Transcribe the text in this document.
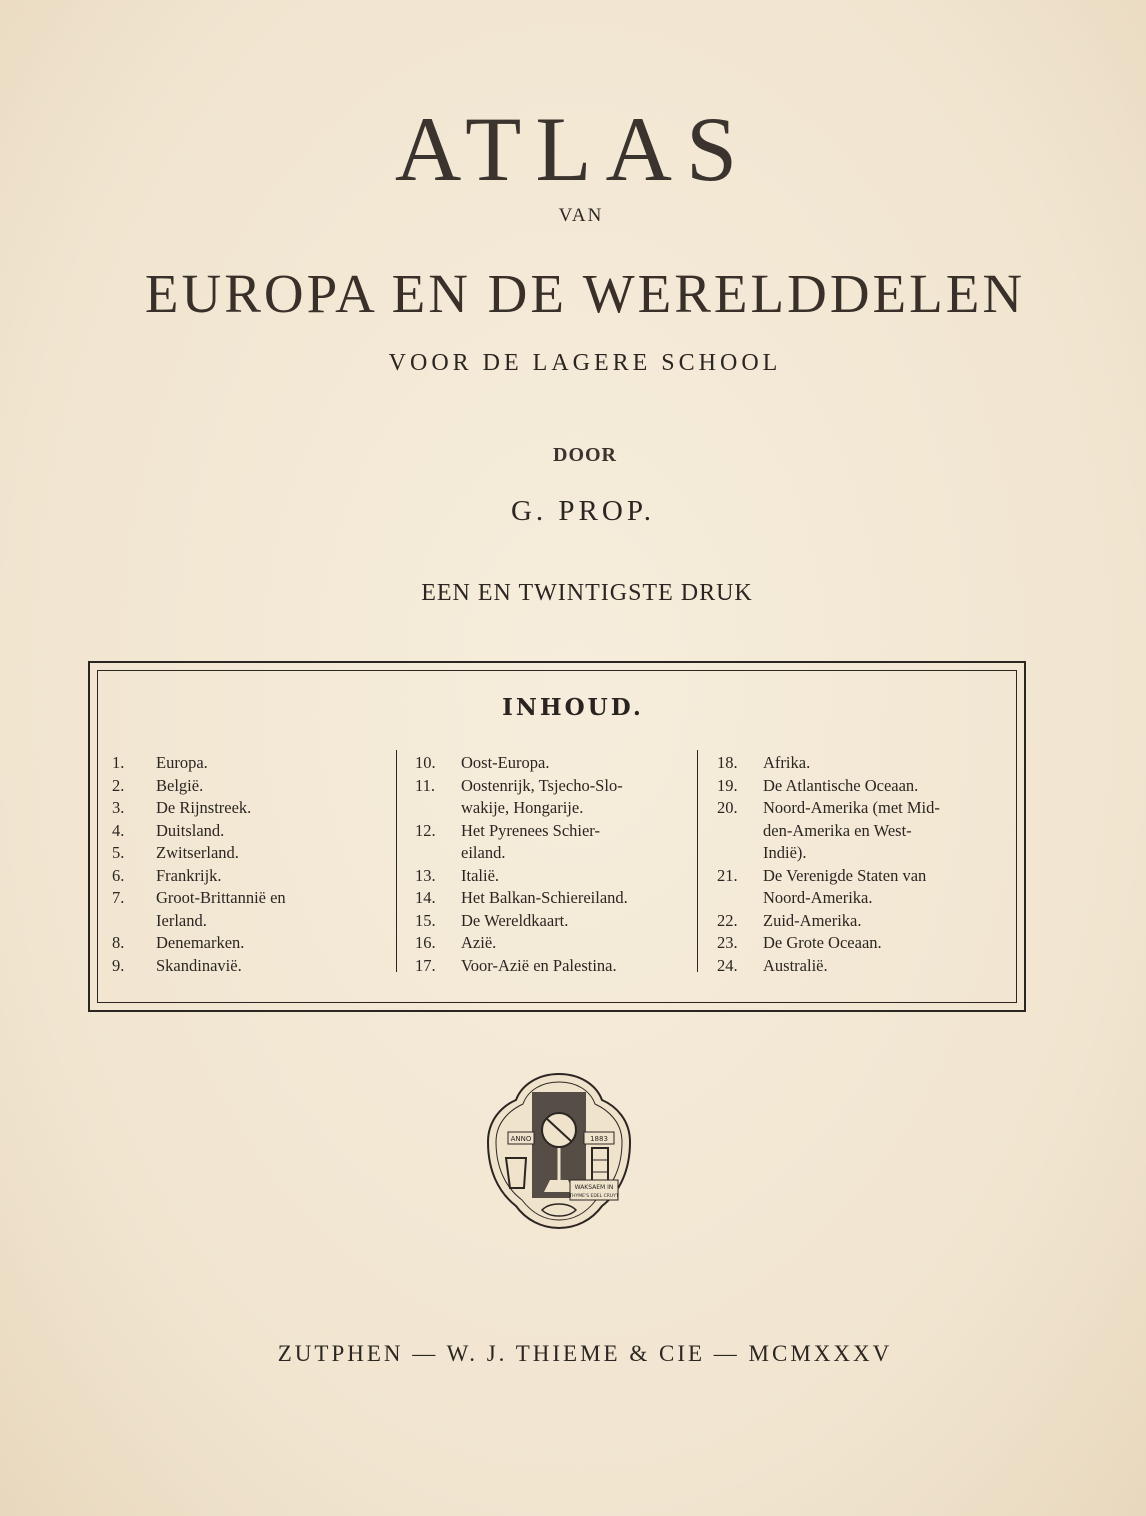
ATLAS
VAN
EUROPA EN DE WERELDDELEN
VOOR DE LAGERE SCHOOL
DOOR
G. PROP.
EEN EN TWINTIGSTE DRUK
INHOUD.
1.	Europa.
2.	België.
3.	De Rijnstreek.
4.	Duitsland.
5.	Zwitserland.
6.	Frankrijk.
7.	Groot-Brittannië en
Ierland.
8.	Denemarken.
9.	Skandinavië.
10.	Oost-Europa.
11.	Oostenrijk, Tsjecho-Slo-
wakije, Hongarije.
12.	Het Pyrenees Schier-
eiland.
13.	Italië.
14.	Het Balkan-Schiereiland.
15.	De Wereldkaart.
16.	Azië.
17.	Voor-Azië en Palestina.
18.	Afrika.
19.	De Atlantische Oceaan.
20.	Noord-Amerika (met Mid-
den-Amerika en West-
Indië).
21.	De Verenigde Staten van
Noord-Amerika.
22.	Zuid-Amerika.
23.	De Grote Oceaan.
24.	Australië.
ANNO	1883
WAKSAEM IN
THYME'S EDEL CRUYT
ZUTPHEN — W. J. THIEME & CIE — MCMXXXV
